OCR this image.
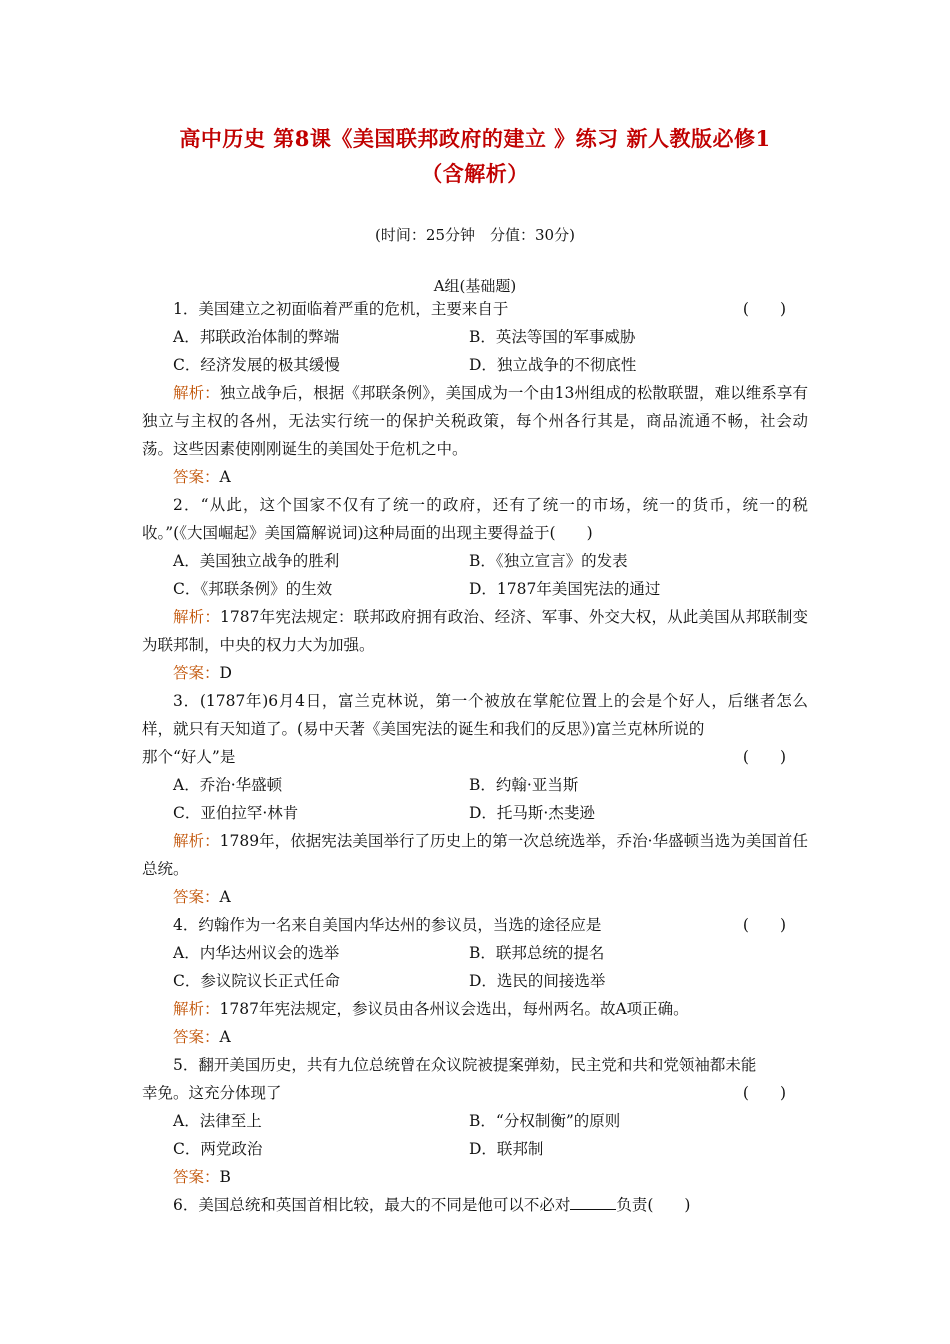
高中历史 第8课《美国联邦政府的建立 》练习 新人教版必修1
（含解析）
(时间：25分钟　分值：30分)
A组(基础题)
1．美国建立之初面临着严重的危机，主要来自于	(　　)
A．邦联政治体制的弊端	B．英法等国的军事威胁
C．经济发展的极其缓慢	D．独立战争的不彻底性

解析：独立战争后，根据《邦联条例》，美国成为一个由13州组成的松散联盟，难以维系享有独立与主权的各州，无法实行统一的保护关税政策，每个州各行其是，商品流通不畅，社会动荡。这些因素使刚刚诞生的美国处于危机之中。

答案：A

2．“从此，这个国家不仅有了统一的政府，还有了统一的市场，统一的货币，统一的税收。”(《大国崛起》美国篇解说词)这种局面的出现主要得益于(　　)

A．美国独立战争的胜利	B．《独立宣言》的发表
C．《邦联条例》的生效	D．1787年美国宪法的通过

解析：1787年宪法规定：联邦政府拥有政治、经济、军事、外交大权，从此美国从邦联制变为联邦制，中央的权力大为加强。

答案：D

3．(1787年)6月4日，富兰克林说，第一个被放在掌舵位置上的会是个好人，后继者怎么样，就只有天知道了。(易中天著《美国宪法的诞生和我们的反思》)富兰克林所说的

那个“好人”是	(　　)
A．乔治·华盛顿	B．约翰·亚当斯
C．亚伯拉罕·林肯	D．托马斯·杰斐逊

解析：1789年，依据宪法美国举行了历史上的第一次总统选举，乔治·华盛顿当选为美国首任总统。

答案：A

4．约翰作为一名来自美国内华达州的参议员，当选的途径应是	(　　)
A．内华达州议会的选举	B．联邦总统的提名
C．参议院议长正式任命	D．选民的间接选举

解析：1787年宪法规定，参议员由各州议会选出，每州两名。故A项正确。

答案：A

5．翻开美国历史，共有九位总统曾在众议院被提案弹劾，民主党和共和党领袖都未能

幸免。这充分体现了	(　　)
A．法律至上	B．“分权制衡”的原则
C．两党政治	D．联邦制

答案：B

6．美国总统和英国首相比较，最大的不同是他可以不必对	负责(　　)
